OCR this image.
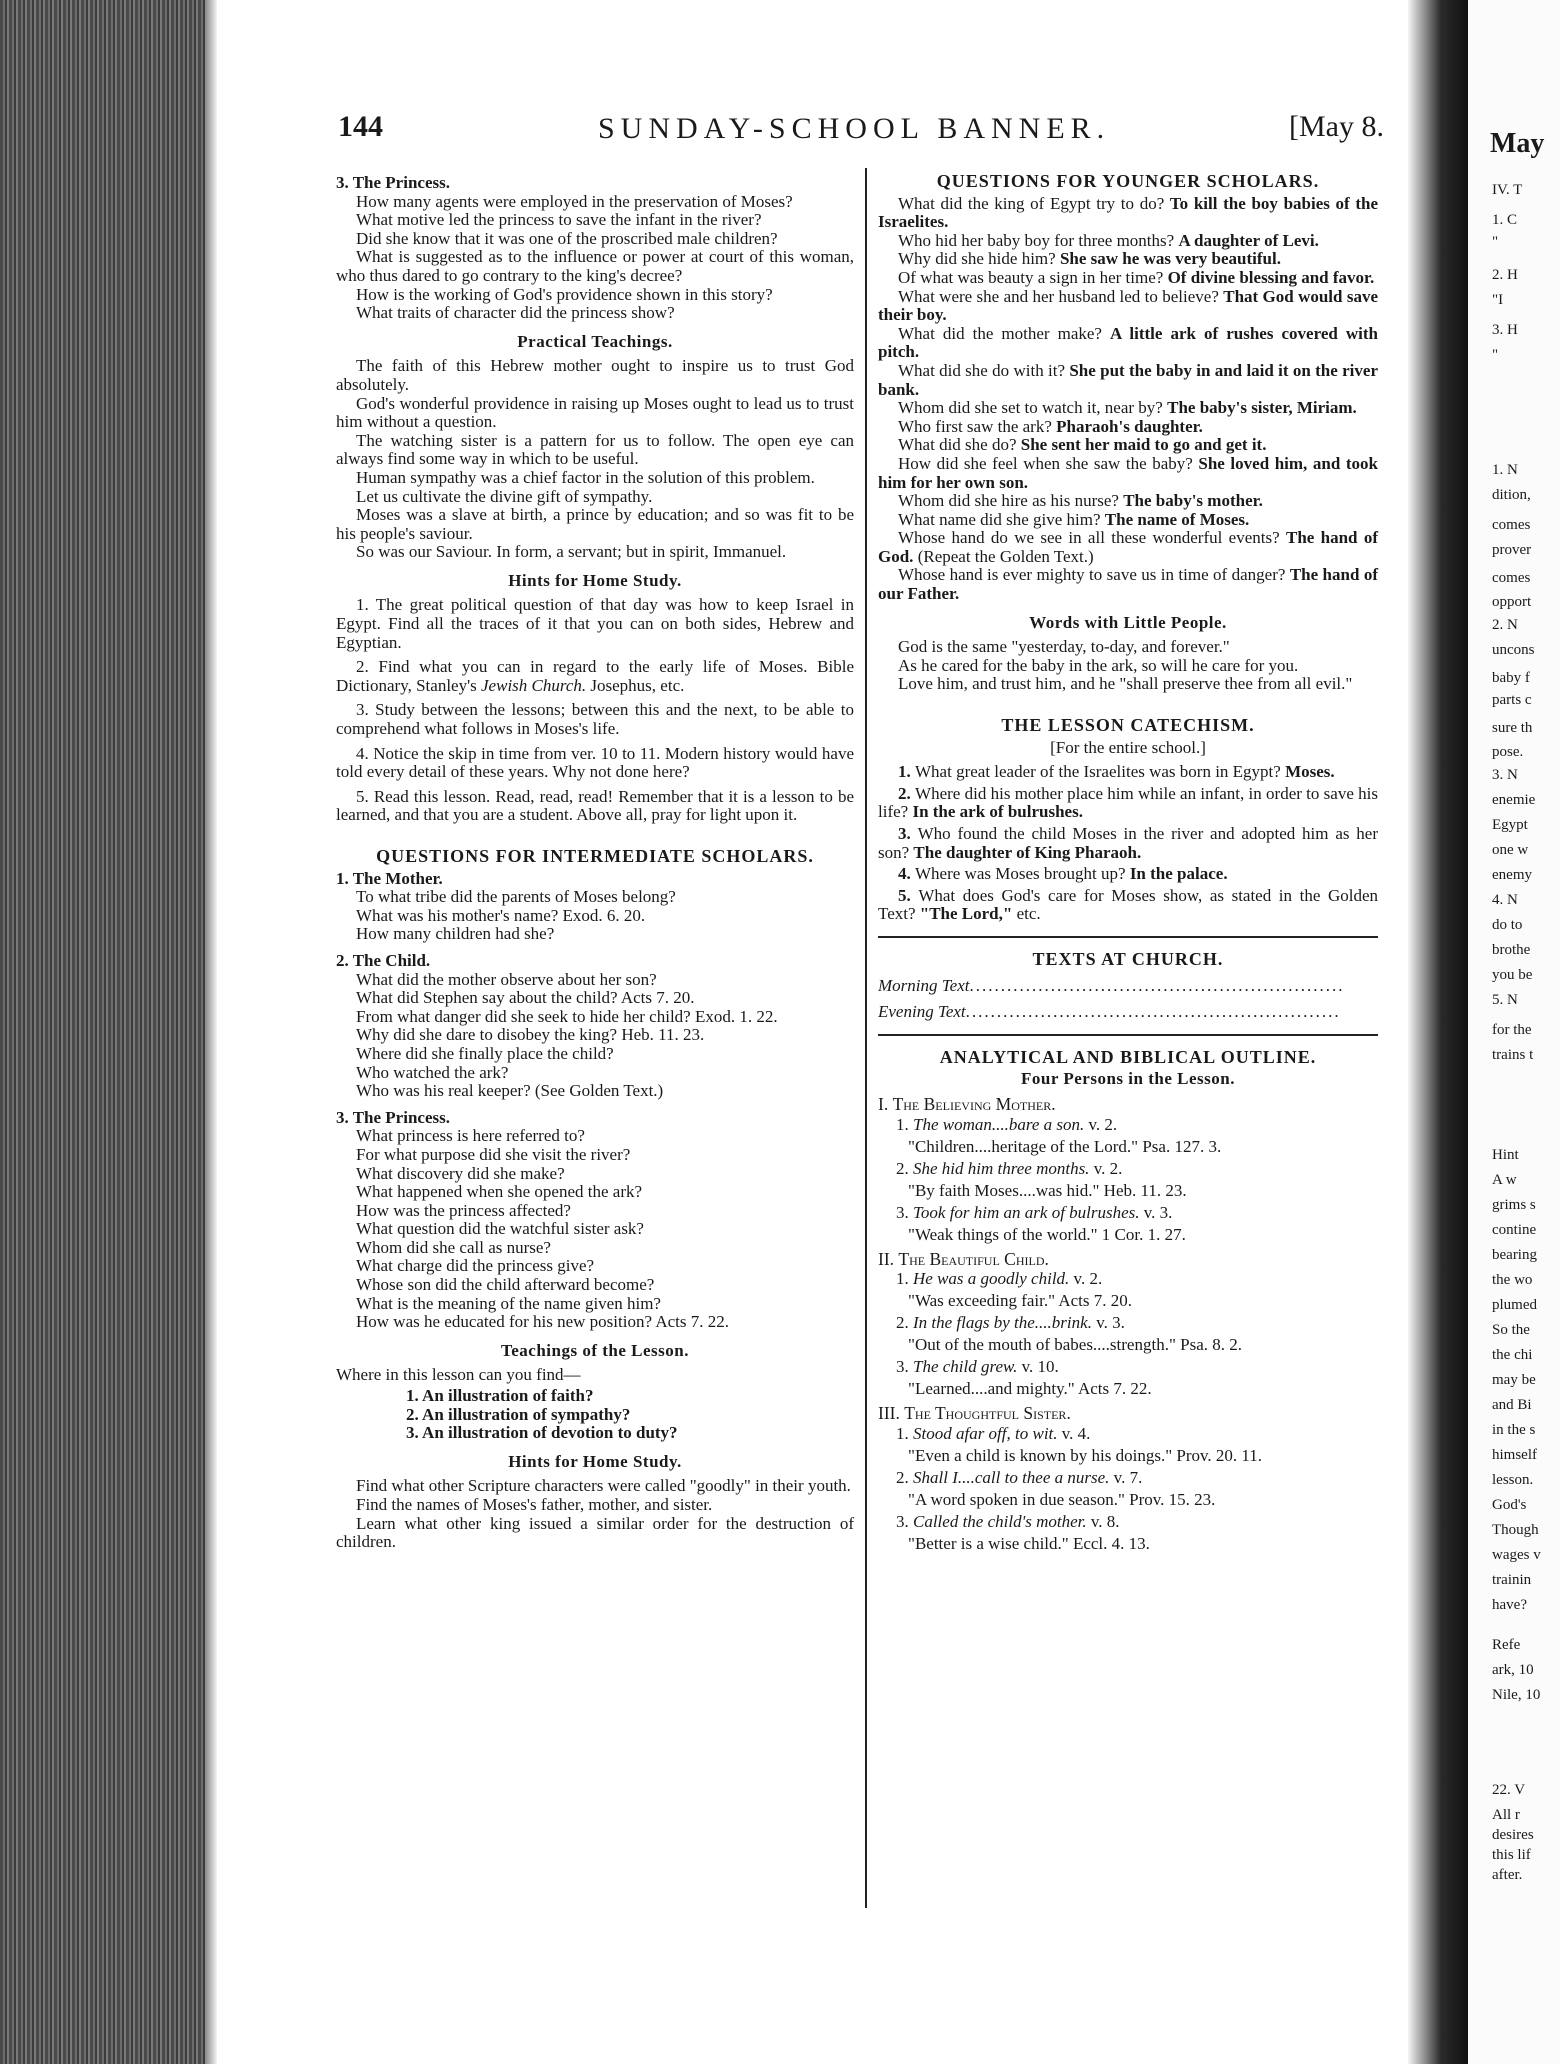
May
IV. T
1. C
"
2. H
"I
3. H
"
1. N
dition,
comes
prover
comes
opport
2. N
uncons
baby f
parts c
sure th
pose.
3. N
enemie
Egypt
one w
enemy
4. N
do to
brothe
you be
5. N
for the
trains t
Hint
A w
grims s
contine
bearing
the wo
plumed
So the
the chi
may be
and Bi
in the s
himself
lesson.
God's
Though
wages v
trainin
have?
Refe
ark, 10
Nile, 10
22. V
All r
desires
this lif
after.
144	SUNDAY-SCHOOL BANNER.	[May 8.
3. The Princess.
How many agents were employed in the preservation of Moses?
What motive led the princess to save the infant in the river?
Did she know that it was one of the proscribed male children?
What is suggested as to the influence or power at court of this woman, who thus dared to go contrary to the king's decree?
How is the working of God's providence shown in this story?
What traits of character did the princess show?
Practical Teachings.
The faith of this Hebrew mother ought to inspire us to trust God absolutely.
God's wonderful providence in raising up Moses ought to lead us to trust him without a question.
The watching sister is a pattern for us to follow. The open eye can always find some way in which to be useful.
Human sympathy was a chief factor in the solution of this problem.
Let us cultivate the divine gift of sympathy.
Moses was a slave at birth, a prince by education; and so was fit to be his people's saviour.
So was our Saviour. In form, a servant; but in spirit, Immanuel.
Hints for Home Study.
1. The great political question of that day was how to keep Israel in Egypt. Find all the traces of it that you can on both sides, Hebrew and Egyptian.
2. Find what you can in regard to the early life of Moses. Bible Dictionary, Stanley's Jewish Church. Josephus, etc.
3. Study between the lessons; between this and the next, to be able to comprehend what follows in Moses's life.
4. Notice the skip in time from ver. 10 to 11. Modern history would have told every detail of these years. Why not done here?
5. Read this lesson. Read, read, read! Remember that it is a lesson to be learned, and that you are a student. Above all, pray for light upon it.
QUESTIONS FOR INTERMEDIATE SCHOLARS.
1. The Mother.
To what tribe did the parents of Moses belong?
What was his mother's name? Exod. 6. 20.
How many children had she?
2. The Child.
What did the mother observe about her son?
What did Stephen say about the child? Acts 7. 20.
From what danger did she seek to hide her child? Exod. 1. 22.
Why did she dare to disobey the king? Heb. 11. 23.
Where did she finally place the child?
Who watched the ark?
Who was his real keeper? (See Golden Text.)
3. The Princess.
What princess is here referred to?
For what purpose did she visit the river?
What discovery did she make?
What happened when she opened the ark?
How was the princess affected?
What question did the watchful sister ask?
Whom did she call as nurse?
What charge did the princess give?
Whose son did the child afterward become?
What is the meaning of the name given him?
How was he educated for his new position? Acts 7. 22.
Teachings of the Lesson.
Where in this lesson can you find—
1. An illustration of faith?
2. An illustration of sympathy?
3. An illustration of devotion to duty?
Hints for Home Study.
Find what other Scripture characters were called "goodly" in their youth.
Find the names of Moses's father, mother, and sister.
Learn what other king issued a similar order for the destruction of children.
QUESTIONS FOR YOUNGER SCHOLARS.
What did the king of Egypt try to do? To kill the boy babies of the Israelites.
Who hid her baby boy for three months? A daughter of Levi.
Why did she hide him? She saw he was very beautiful.
Of what was beauty a sign in her time? Of divine blessing and favor.
What were she and her husband led to believe? That God would save their boy.
What did the mother make? A little ark of rushes covered with pitch.
What did she do with it? She put the baby in and laid it on the river bank.
Whom did she set to watch it, near by? The baby's sister, Miriam.
Who first saw the ark? Pharaoh's daughter.
What did she do? She sent her maid to go and get it.
How did she feel when she saw the baby? She loved him, and took him for her own son.
Whom did she hire as his nurse? The baby's mother.
What name did she give him? The name of Moses.
Whose hand do we see in all these wonderful events? The hand of God. (Repeat the Golden Text.)
Whose hand is ever mighty to save us in time of danger? The hand of our Father.
Words with Little People.
God is the same "yesterday, to-day, and forever."
As he cared for the baby in the ark, so will he care for you.
Love him, and trust him, and he "shall preserve thee from all evil."
THE LESSON CATECHISM.
[For the entire school.]
1. What great leader of the Israelites was born in Egypt? Moses.
2. Where did his mother place him while an infant, in order to save his life? In the ark of bulrushes.
3. Who found the child Moses in the river and adopted him as her son? The daughter of King Pharaoh.
4. Where was Moses brought up? In the palace.
5. What does God's care for Moses show, as stated in the Golden Text? "The Lord," etc.
TEXTS AT CHURCH.
Morning Text............................................................
Evening Text............................................................
ANALYTICAL AND BIBLICAL OUTLINE.
Four Persons in the Lesson.
I. The Believing Mother.
1. The woman....bare a son. v. 2.
"Children....heritage of the Lord." Psa. 127. 3.
2. She hid him three months. v. 2.
"By faith Moses....was hid." Heb. 11. 23.
3. Took for him an ark of bulrushes. v. 3.
"Weak things of the world." 1 Cor. 1. 27.
II. The Beautiful Child.
1. He was a goodly child. v. 2.
"Was exceeding fair." Acts 7. 20.
2. In the flags by the....brink. v. 3.
"Out of the mouth of babes....strength." Psa. 8. 2.
3. The child grew. v. 10.
"Learned....and mighty." Acts 7. 22.
III. The Thoughtful Sister.
1. Stood afar off, to wit. v. 4.
"Even a child is known by his doings." Prov. 20. 11.
2. Shall I....call to thee a nurse. v. 7.
"A word spoken in due season." Prov. 15. 23.
3. Called the child's mother. v. 8.
"Better is a wise child." Eccl. 4. 13.
